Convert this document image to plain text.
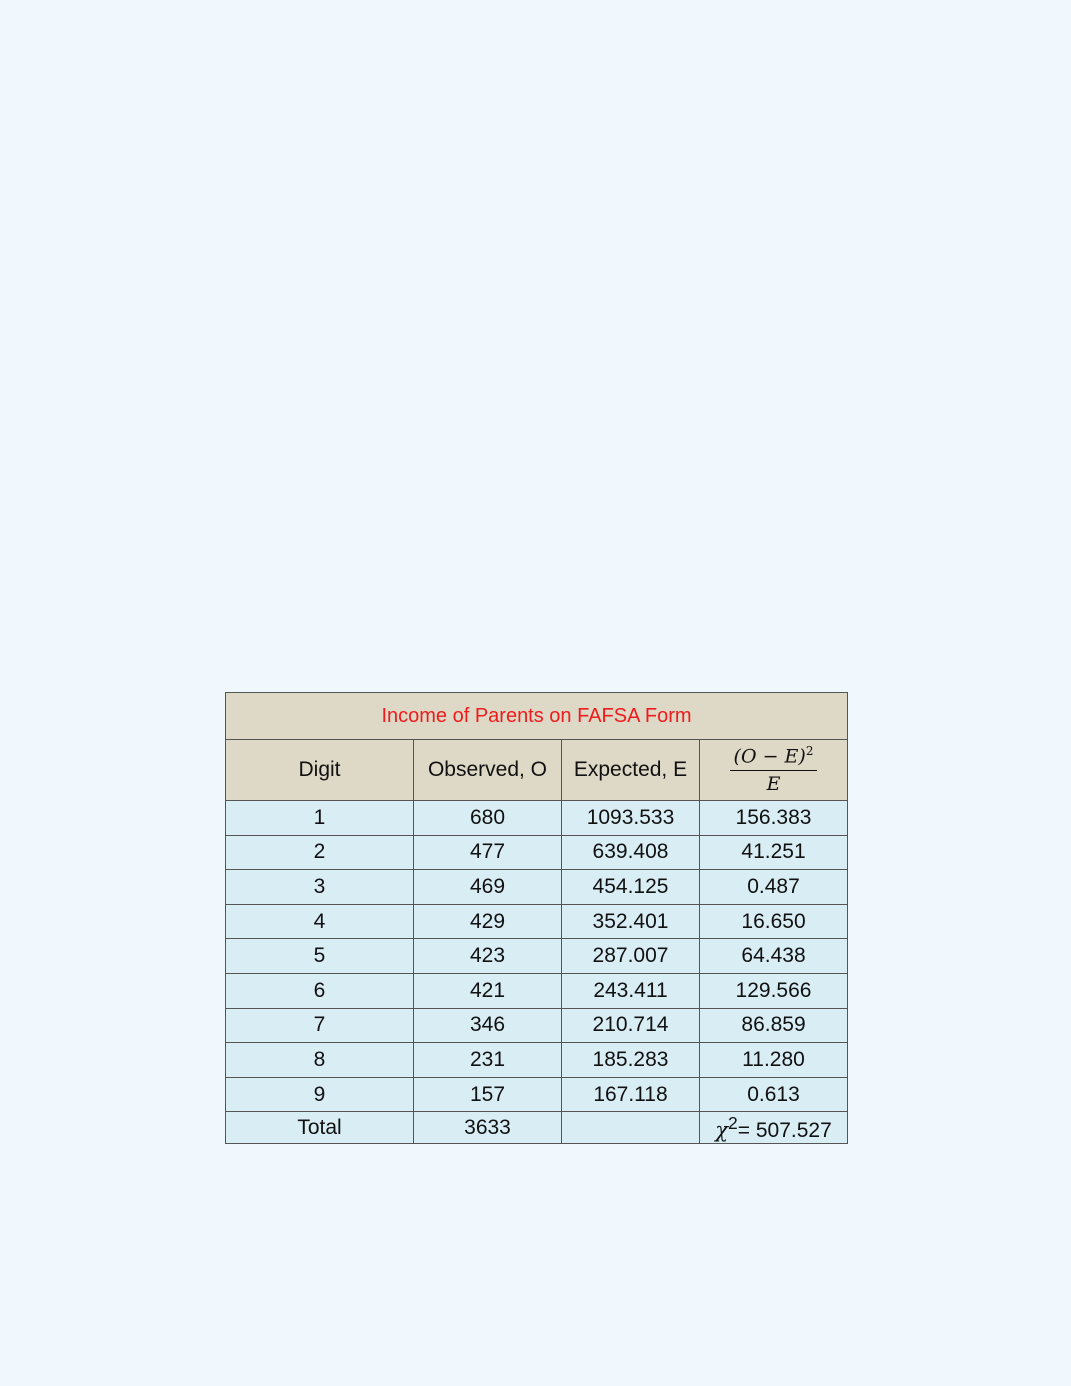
Income of Parents on FAFSA Form			
Digit	Observed, O	Expected, E	$\frac{(O - E)^2}{E}$

1	680	1093.533	156.383
2	477	639.408	41.251
3	469	454.125	0.487
4	429	352.401	16.650
5	423	287.007	64.438
6	421	243.411	129.566
7	346	210.714	86.859
8	231	185.283	11.280
9	157	167.118	0.613
Total	3633		$\chi^2= 507.527$
